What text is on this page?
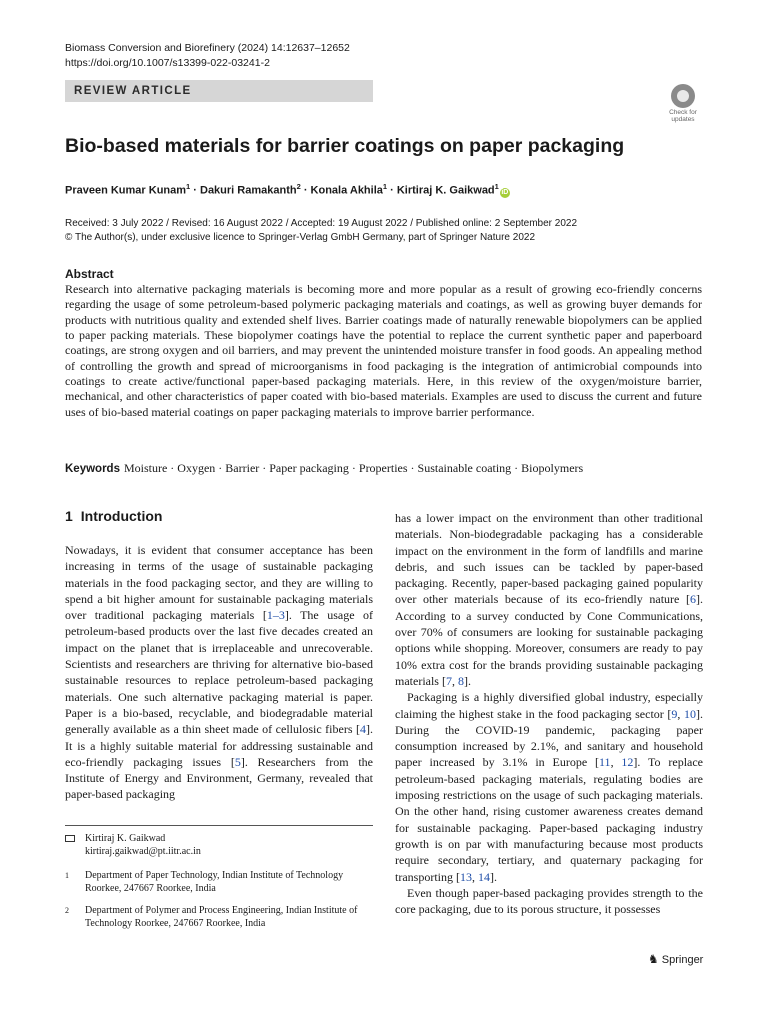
Biomass Conversion and Biorefinery (2024) 14:12637–12652
https://doi.org/10.1007/s13399-022-03241-2
REVIEW ARTICLE
Check for updates
Bio-based materials for barrier coatings on paper packaging
Praveen Kumar Kunam$^1$ · Dakuri Ramakanth$^2$ · Konala Akhila$^1$ · Kirtiraj K. Gaikwad$^1$iD
Received: 3 July 2022 / Revised: 16 August 2022 / Accepted: 19 August 2022 / Published online: 2 September 2022
© The Author(s), under exclusive licence to Springer-Verlag GmbH Germany, part of Springer Nature 2022
Abstract

Research into alternative packaging materials is becoming more and more popular as a result of growing eco-friendly concerns regarding the usage of some petroleum-based polymeric packaging materials and coatings, as well as growing buyer demands for products with nutritious quality and extended shelf lives. Barrier coatings made of naturally renewable biopolymers can be applied to paper packing materials. These biopolymer coatings have the potential to replace the current synthetic paper and paperboard coatings, are strong oxygen and oil barriers, and may prevent the unintended moisture transfer in food goods. An appealing method of controlling the growth and spread of microorganisms in food packaging is the integration of antimicrobial compounds into coatings to create active/functional paper-based packaging materials. Here, in this review of the oxygen/moisture barrier, mechanical, and other characteristics of paper coated with bio-based materials. Examples are used to discuss the current and future uses of bio-based material coatings on paper packaging materials to improve barrier performance.

Keywords Moisture · Oxygen · Barrier · Paper packaging · Properties · Sustainable coating · Biopolymers
1 Introduction

Nowadays, it is evident that consumer acceptance has been increasing in terms of the usage of sustainable packaging materials in the food packaging sector, and they are willing to spend a bit higher amount for sustainable packaging materials over traditional packaging materials [1–3]. The usage of petroleum-based products over the last five decades created an impact on the planet that is irreplaceable and unrecoverable. Scientists and researchers are thriving for alternative bio-based sustainable resources to replace petroleum-based packaging materials. One such alternative packaging material is paper. Paper is a bio-based, recyclable, and biodegradable material generally available as a thin sheet made of cellulosic fibers [4]. It is a highly suitable material for addressing sustainable and eco-friendly packaging issues [5]. Researchers from the Institute of Energy and Environment, Germany, revealed that paper-based packaging

has a lower impact on the environment than other traditional materials. Non-biodegradable packaging has a considerable impact on the environment in the form of landfills and marine debris, and such issues can be tackled by paper-based packaging. Recently, paper-based packaging gained popularity over other materials because of its eco-friendly nature [6]. According to a survey conducted by Cone Communications, over 70% of consumers are looking for sustainable packaging options while shopping. Moreover, consumers are ready to pay 10% extra cost for the brands providing sustainable packaging materials [7, 8].

Packaging is a highly diversified global industry, especially claiming the highest stake in the food packaging sector [9, 10]. During the COVID-19 pandemic, packaging paper consumption increased by 2.1%, and sanitary and household paper increased by 3.1% in Europe [11, 12]. To replace petroleum-based packaging materials, regulating bodies are imposing restrictions on the usage of such packaging materials. On the other hand, rising customer awareness creates demand for sustainable packaging. Paper-based packaging industry growth is on par with manufacturing because most products require secondary, tertiary, and quaternary packaging for transporting [13, 14].

Even though paper-based packaging provides strength to the core packaging, due to its porous structure, it possesses

Kirtiraj K. Gaikwad
kirtiraj.gaikwad@pt.iitr.ac.in
1 Department of Paper Technology, Indian Institute of Technology Roorkee, 247667 Roorkee, India
2 Department of Polymer and Process Engineering, Indian Institute of Technology Roorkee, 247667 Roorkee, India
♞ Springer
